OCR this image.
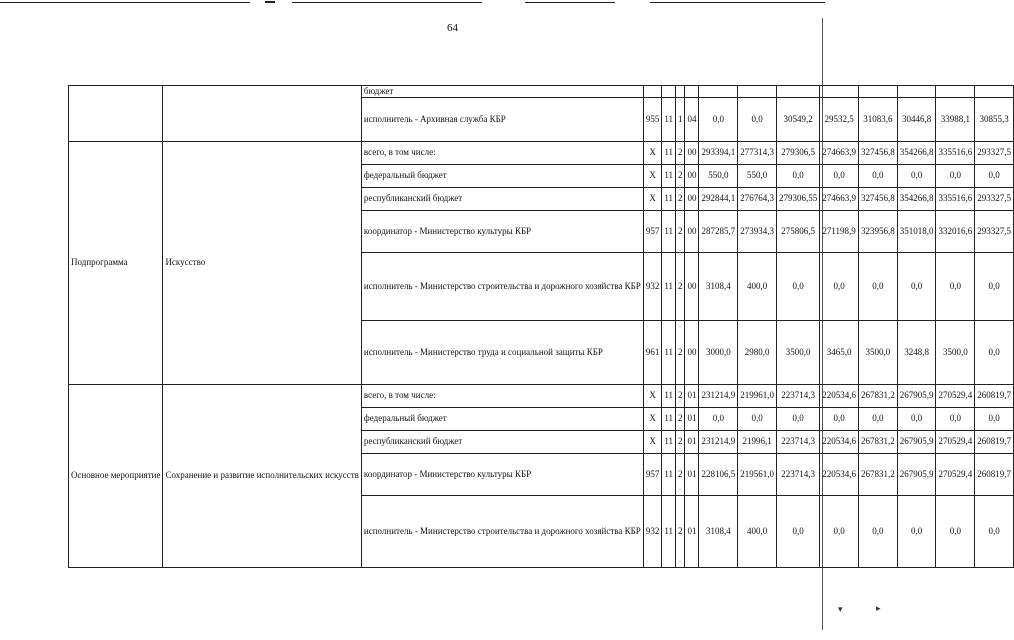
▾	▸
64
		бюджет												
		исполнитель - Архивная служба КБР	955	11	1	04	0,0	0,0	30549,2	29532,5	31083,6	30446,8	33988,1	30855,3
Подпрограмма	Искусство	всего, в том числе:	Х	11	2	00	293394,1	277314,3	279306,5	274663,9	327456,8	354266,8	335516,6	293327,5
		федеральный бюджет	Х	11	2	00	550,0	550,0	0,0	0,0	0,0	0,0	0,0	0,0
		республиканский бюджет	Х	11	2	00	292844,1	276764,3	279306,55	274663,9	327456,8	354266,8	335516,6	293327,5
		координатор - Министерство культуры КБР	957	11	2	00	287285,7	273934,3	275806,5	271198,9	323956,8	351018,0	332016,6	293327,5
		исполнитель - Министерство строительства и дорожного хозяйства КБР	932	11	2	00	3108,4	400,0	0,0	0,0	0,0	0,0	0,0	0,0
		исполнитель - Министерство труда и социальной защиты КБР	961	11	2	00	3000,0	2980,0	3500,0	3465,0	3500,0	3248,8	3500,0	0,0
Основное мероприятие	Сохранение и развитие исполнительских искусств	всего, в том числе:	Х	11	2	01	231214,9	219961,0	223714,3	220534,6	267831,2	267905,9	270529,4	260819,7
		федеральный бюджет	Х	11	2	01	0,0	0,0	0,0	0,0	0,0	0,0	0,0	0,0
		республиканский бюджет	Х	11	2	01	231214,9	21996,1	223714,3	220534,6	267831,2	267905,9	270529,4	260819,7
		координатор - Министерство культуры КБР	957	11	2	01	228106,5	219561,0	223714,3	220534,6	267831,2	267905,9	270529,4	260819,7
		исполнитель - Министерство строительства и дорожного хозяйства КБР	932	11	2	01	3108,4	400,0	0,0	0,0	0,0	0,0	0,0	0,0
